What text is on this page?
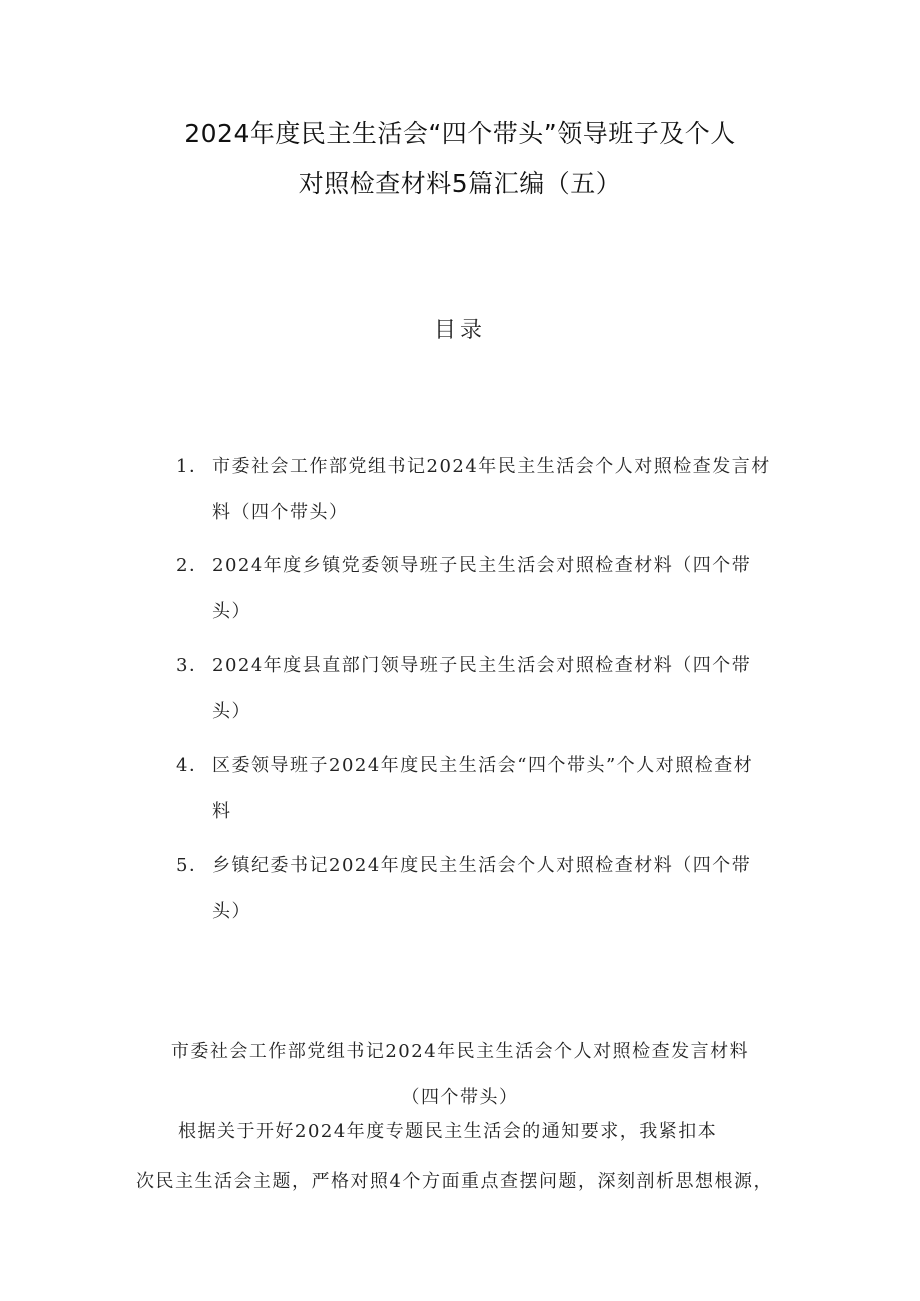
2024年度民主生活会“四个带头”领导班子及个人
对照检查材料5篇汇编（五）
目录
1． 市委社会工作部党组书记2024年民主生活会个人对照检查发言材
料（四个带头）
2． 2024年度乡镇党委领导班子民主生活会对照检查材料（四个带
头）
3． 2024年度县直部门领导班子民主生活会对照检查材料（四个带
头）
4． 区委领导班子2024年度民主生活会“四个带头”个人对照检查材
料
5． 乡镇纪委书记2024年度民主生活会个人对照检查材料（四个带
头）
市委社会工作部党组书记2024年民主生活会个人对照检查发言材料
（四个带头）
根据关于开好2024年度专题民主生活会的通知要求，我紧扣本
次民主生活会主题，严格对照4个方面重点查摆问题，深刻剖析思想根源，
